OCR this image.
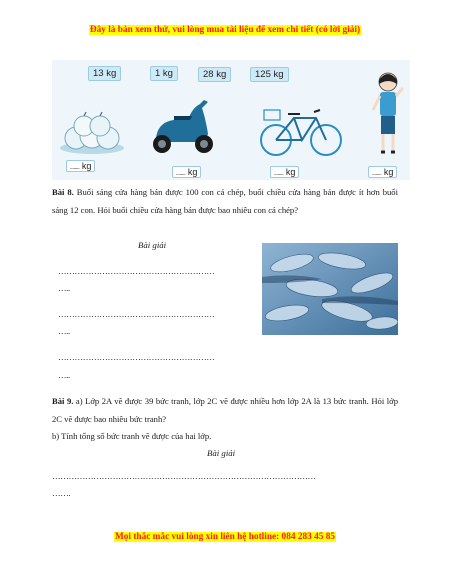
Đây là bản xem thử, vui lòng mua tài liệu để xem chi tiết (có lời giải)
13 kg	1 kg	28 kg	125 kg
........ kg
........ kg	........ kg	........ kg
Bài 8. Buổi sáng cửa hàng bán được 100 con cá chép, buổi chiều cửa hàng bán được ít hơn buổi sáng 12 con. Hỏi buổi chiều cửa hàng bán được bao nhiêu con cá chép?
Bài giải
…………………………………………………
…..
…………………………………………………
…..
…………………………………………………
…..
Bài 9. a) Lớp 2A vẽ được 39 bức tranh, lớp 2C vẽ được nhiều hơn lớp 2A là 13 bức tranh. Hỏi lớp 2C vẽ được bao nhiêu bức tranh?
b) Tính tổng số bức tranh vẽ được của hai lớp.
Bài giải
……………………………………………………………………………………
…….
Mọi thắc mắc vui lòng xin liên hệ hotline: 084 283 45 85
